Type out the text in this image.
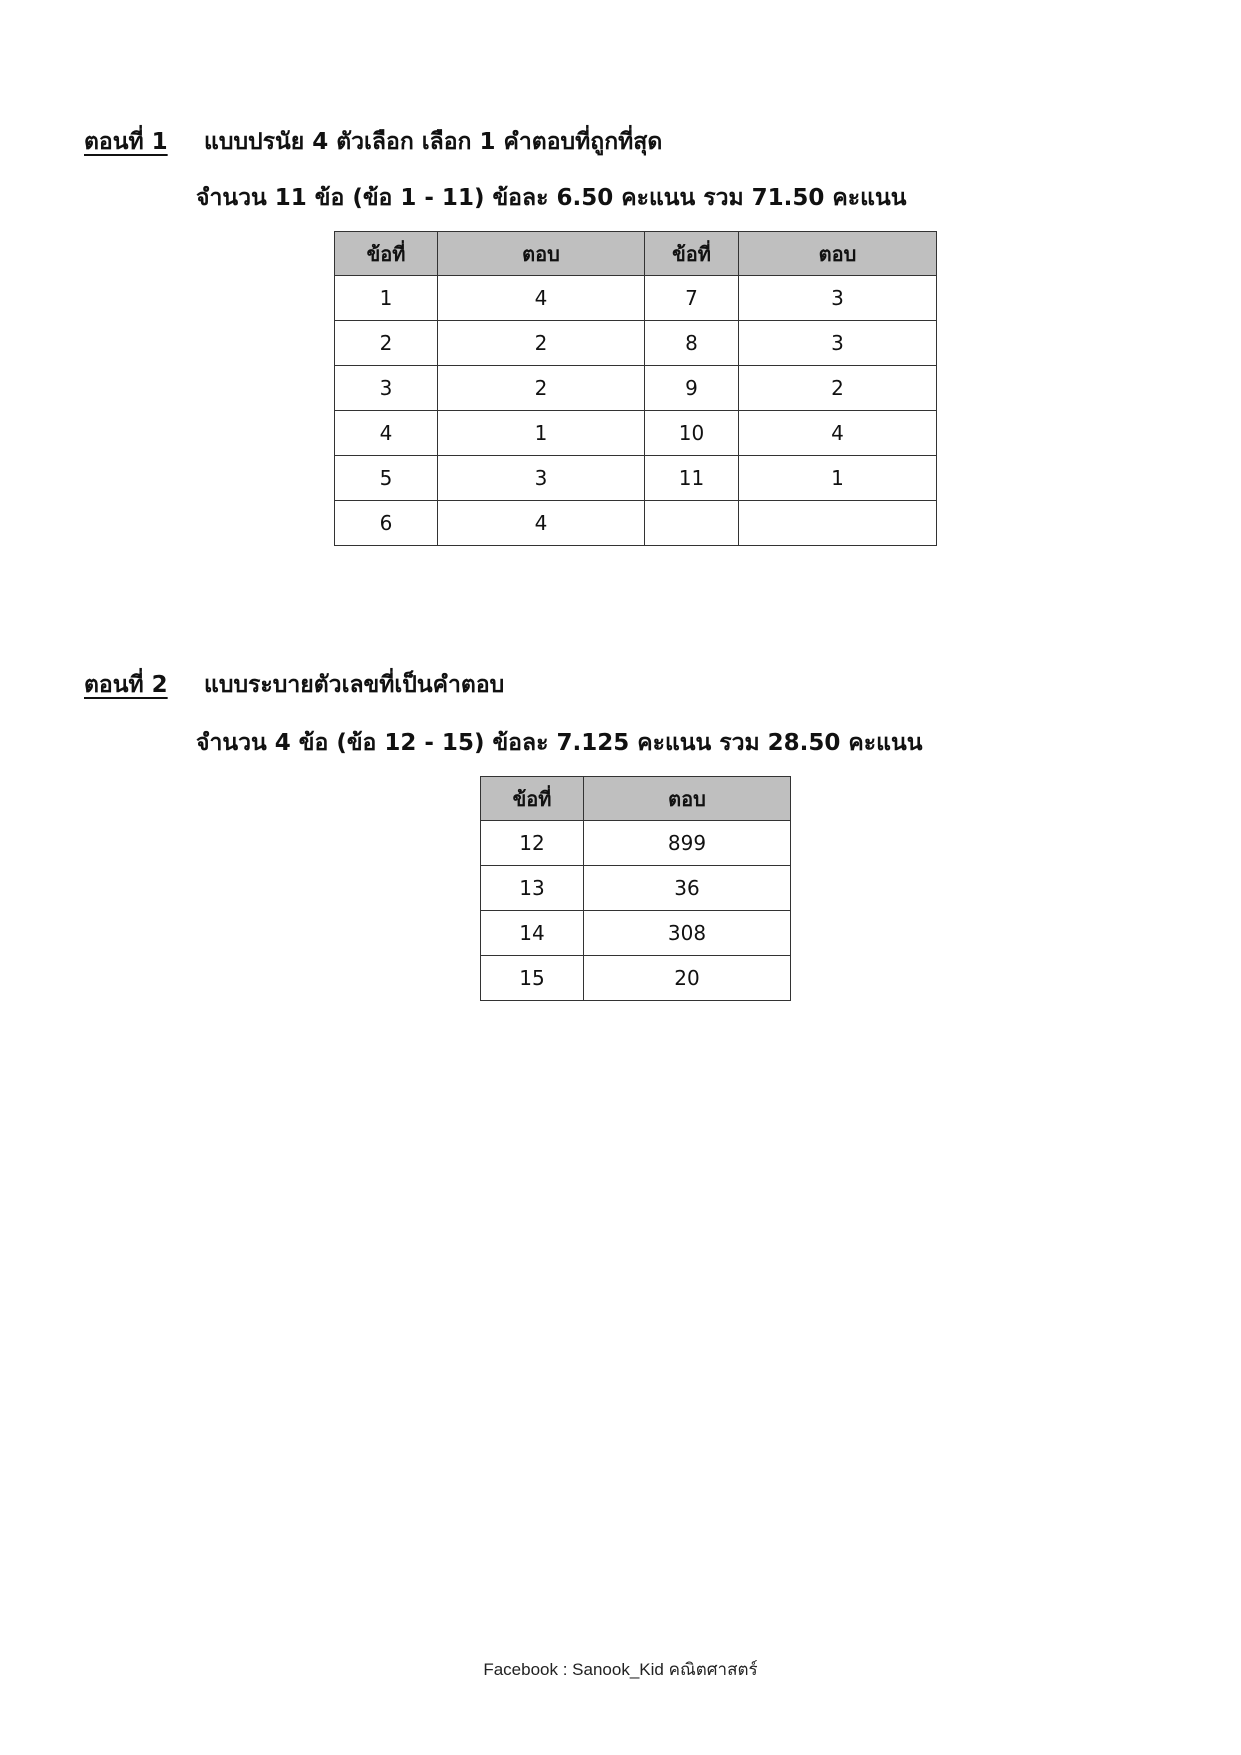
ตอนที่ 1 แบบปรนัย 4 ตัวเลือก เลือก 1 คำตอบที่ถูกที่สุด
จำนวน 11 ข้อ (ข้อ 1 - 11) ข้อละ 6.50 คะแนน รวม 71.50 คะแนน
ข้อที่	ตอบ	ข้อที่	ตอบ
1	4	7	3
2	2	8	3
3	2	9	2
4	1	10	4
5	3	11	1
6	4		
ตอนที่ 2 แบบระบายตัวเลขที่เป็นคำตอบ
จำนวน 4 ข้อ (ข้อ 12 - 15) ข้อละ 7.125 คะแนน รวม 28.50 คะแนน
ข้อที่	ตอบ
12	899
13	36
14	308
15	20
Facebook : Sanook_Kid คณิตศาสตร์
